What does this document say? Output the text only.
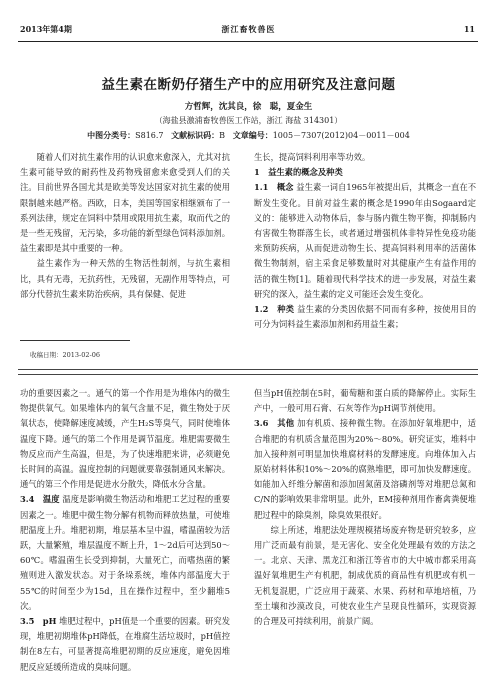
2013年第4期	浙江畜牧兽医	11
益生素在断奶仔猪生产中的应用研究及注意问题
方哲辉，沈其良，徐　聪，夏金生
（海盐县激浦畜牧兽医工作站，浙江 海盐 314301）
中图分类号：S816.7 文献标识码：B 文章编号：1005－7307(2012)04－0011－004

随着人们对抗生素作用的认识愈来愈深入，尤其对抗生素可能导致的耐药性及药物残留愈来愈受到人们的关注。目前世界各国尤其是欧美等发达国家对抗生素的使用限制越来越严格。西欧，日本，美国等国家相继颁布了一系列法律，规定在饲料中禁用或限用抗生素，取而代之的是一些无残留，无污染，多功能的新型绿色饲料添加剂。益生素即是其中重要的一种。

益生素作为一种天然的生物活性制剂，与抗生素相比，具有无毒，无抗药性，无残留，无副作用等特点，可部分代替抗生素来防治疾病，具有保健、促进

收稿日期：2013-02-06

生长，提高饲料利用率等功效。

1　益生素的概念及种类

1.1　概念 益生素一词自1965年被提出后，其概念一直在不断发生变化。目前对益生素的概念是1990年由Sogaard定义的：能够进入动物体后，参与肠内微生物平衡，抑制肠内有害微生物群落生长，或者通过增强机体非特异性免疫功能来预防疾病，从而促进动物生长、提高饲料利用率的活菌体微生物制剂，宿主采食足够数量时对其健康产生有益作用的活的微生物[1]。随着现代科学技术的进一步发展，对益生素研究的深入，益生素的定义可能还会发生变化。

1.2　种类 益生素的分类因依据不同而有多种，按使用目的可分为饲料益生素添加剂和药用益生素；

功的重要因素之一。通气的第一个作用是为堆体内的微生物提供氧气。如果堆体内的氧气含量不足，微生物处于厌氧状态，使降解速度减缓，产生H₂S等臭气，同时使堆体温度下降。通气的第二个作用是调节温度。堆肥需要微生物反应而产生高温，但是，为了快速堆肥来讲，必须避免长时间的高温。温度控制的问题就要靠强制通风来解决。通气的第三个作用是促进水分散失，降低水分含量。

3.4　温度 温度是影响微生物活动和堆肥工艺过程的重要因素之一。堆肥中微生物分解有机物而释放热量，可使堆肥温度上升。堆肥初期，堆层基本呈中温，嗜温菌较为活跃，大量繁殖，堆层温度不断上升，1～2d后可达到50～60℃。嗜温菌生长受到抑制，大量死亡，而嗜热菌的繁殖则进入激发状态。对于条垛系统，堆体内部温度大于55℃的时间至少为15d，且在操作过程中，至少翻堆5次。

3.5　pH 堆肥过程中，pH值是一个重要的因素。研究发现，堆肥初期堆体pH降低，在堆腐生活垃圾时，pH值控制在8左右，可显著提高堆肥初期的反应速度，避免因堆肥反应延缓所造成的臭味问题。

但当pH值控制在5时，葡萄糖和蛋白质的降解停止。实际生产中，一般可用石膏、石灰等作为pH调节剂使用。

3.6　其他 加有机质、接种微生物。在添加好氧堆肥中，适合堆肥的有机质含量范围为20%～80%。研究证实，堆料中加入接种剂可明显加快堆腐材料的发酵速度。向堆体加入占原始材料体积10%～20%的腐熟堆肥，即可加快发酵速度。如能加入纤维分解菌和添加固氮菌及溶磷剂等对堆肥总氮和C/N的影响效果非常明显。此外，EM接种剂用作畜禽粪便堆肥过程中的除臭剂，除臭效果很好。

综上所述，堆肥法处理规模猪场废弃物是研究较多，应用广泛而最有前景，是无害化、安全化处理最有效的方法之一。北京、天津、黑龙江和浙江等省市的大中城市都采用高温好氧堆肥生产有机肥，制成优质的商品性有机肥或有机－无机复混肥，广泛应用于蔬菜、水果、药材和草地培植，乃至土壤和沙漠改良，可使农业生产呈现良性循环，实现资源的合理及可持续利用，前景广阔。
